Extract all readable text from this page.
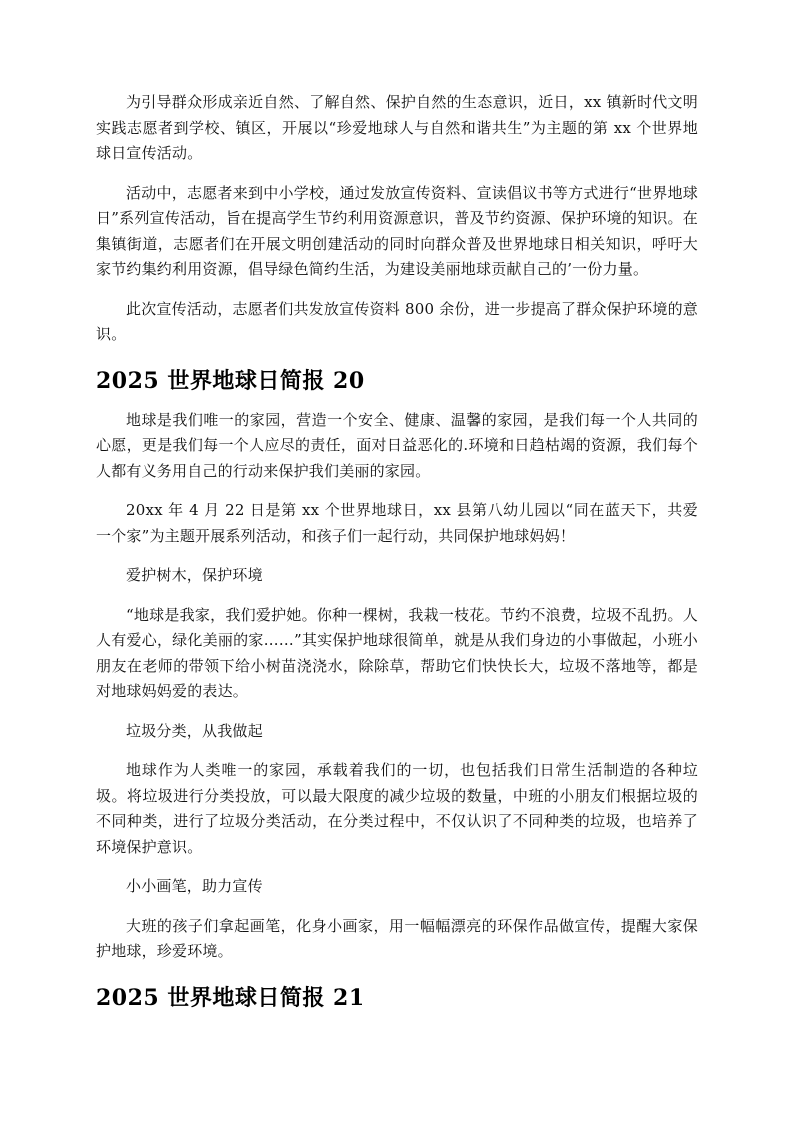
为引导群众形成亲近自然、了解自然、保护自然的生态意识，近日，xx 镇新时代文明实践志愿者到学校、镇区，开展以“珍爱地球人与自然和谐共生”为主题的第 xx 个世界地球日宣传活动。

活动中，志愿者来到中小学校，通过发放宣传资料、宣读倡议书等方式进行“世界地球日”系列宣传活动，旨在提高学生节约利用资源意识，普及节约资源、保护环境的知识。在集镇街道，志愿者们在开展文明创建活动的同时向群众普及世界地球日相关知识，呼吁大家节约集约利用资源，倡导绿色简约生活，为建设美丽地球贡献自己的’一份力量。

此次宣传活动，志愿者们共发放宣传资料 800 余份，进一步提高了群众保护环境的意识。

2025 世界地球日简报 20

地球是我们唯一的家园，营造一个安全、健康、温馨的家园，是我们每一个人共同的心愿，更是我们每一个人应尽的责任，面对日益恶化的.环境和日趋枯竭的资源，我们每个人都有义务用自己的行动来保护我们美丽的家园。

20xx 年 4 月 22 日是第 xx 个世界地球日，xx 县第八幼儿园以“同在蓝天下，共爱一个家”为主题开展系列活动，和孩子们一起行动，共同保护地球妈妈！

爱护树木，保护环境

“地球是我家，我们爱护她。你种一棵树，我栽一枝花。节约不浪费，垃圾不乱扔。人人有爱心，绿化美丽的家……”其实保护地球很简单，就是从我们身边的小事做起，小班小朋友在老师的带领下给小树苗浇浇水，除除草，帮助它们快快长大，垃圾不落地等，都是对地球妈妈爱的表达。

垃圾分类，从我做起

地球作为人类唯一的家园，承载着我们的一切，也包括我们日常生活制造的各种垃圾。将垃圾进行分类投放，可以最大限度的减少垃圾的数量，中班的小朋友们根据垃圾的不同种类，进行了垃圾分类活动，在分类过程中，不仅认识了不同种类的垃圾，也培养了环境保护意识。

小小画笔，助力宣传

大班的孩子们拿起画笔，化身小画家，用一幅幅漂亮的环保作品做宣传，提醒大家保护地球，珍爱环境。

2025 世界地球日简报 21
